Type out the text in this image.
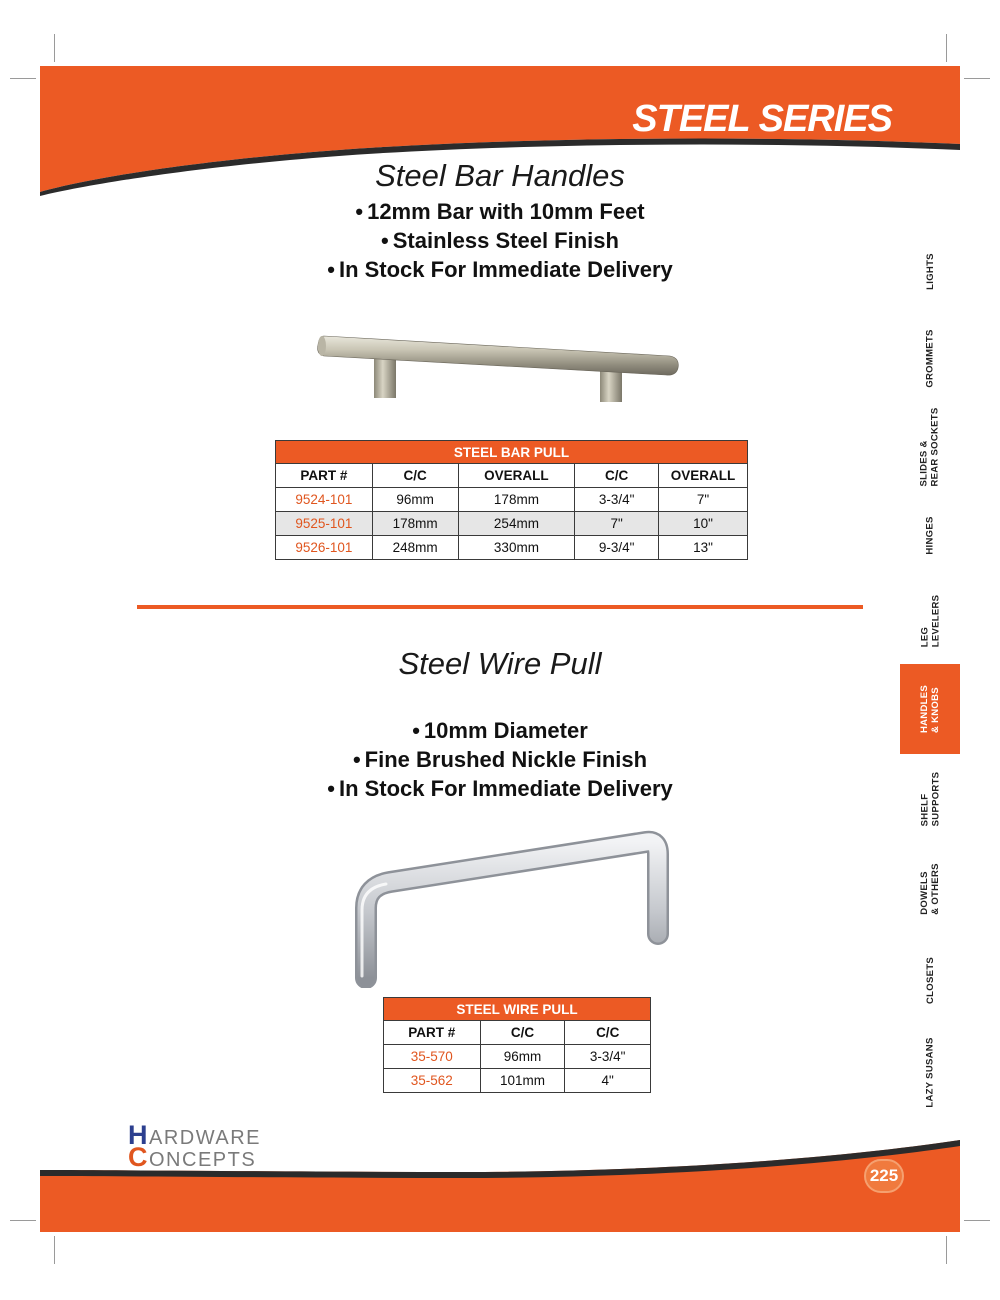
STEEL SERIES
Steel Bar Handles
• 12mm Bar with 10mm Feet
• Stainless Steel Finish
• In Stock For Immediate Delivery
STEEL BAR PULL				
PART #	C/C	OVERALL	C/C	OVERALL
9524-101	96mm	178mm	3-3/4"	7"
9525-101	178mm	254mm	7"	10"
9526-101	248mm	330mm	9-3/4"	13"
Steel Wire Pull
• 10mm Diameter
• Fine Brushed Nickle Finish
• In Stock For Immediate Delivery
STEEL WIRE PULL		
PART #	C/C	C/C
35-570	96mm	3-3/4"
35-562	101mm	4"
LIGHTS
GROMMETS
SLIDES & REAR SOCKETS
HINGES
LEG LEVELERS
HANDLES & KNOBS
SHELF SUPPORTS
DOWELS & OTHERS
CLOSETS
LAZY SUSANS
HARDWARE
CONCEPTS
225
